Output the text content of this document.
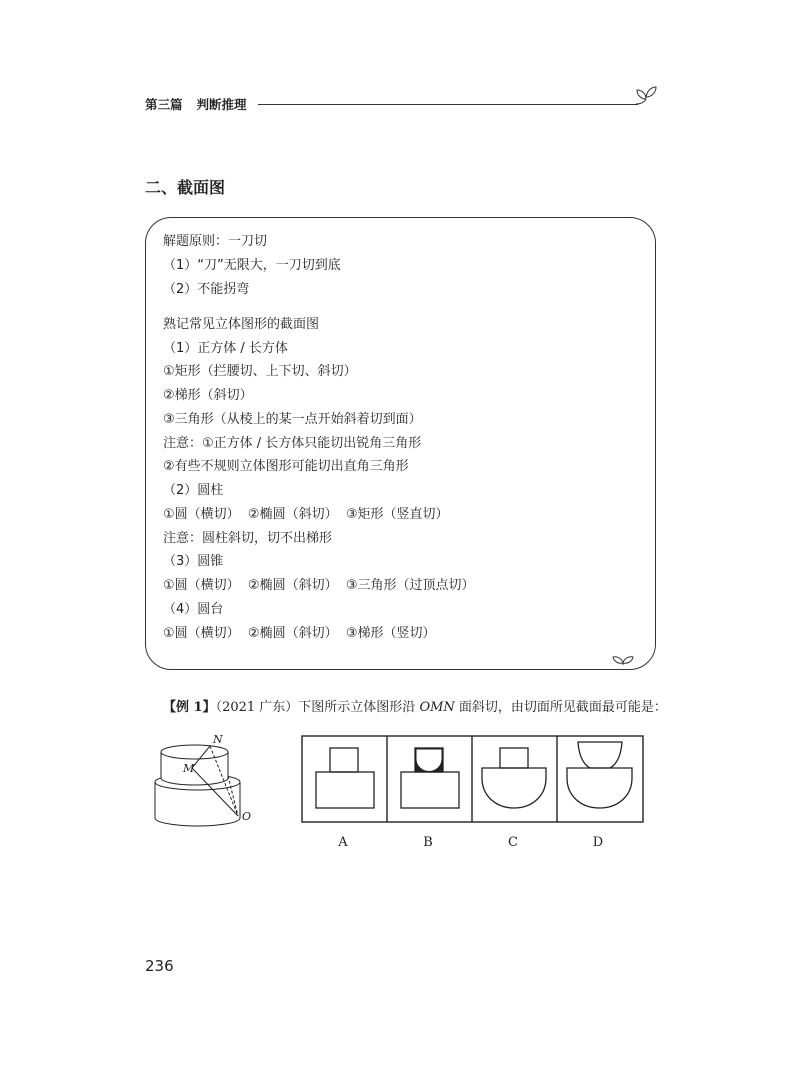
第三篇 判断推理
二、截面图
解题原则：一刀切
（1）“刀”无限大，一刀切到底
（2）不能拐弯
熟记常见立体图形的截面图
（1）正方体 / 长方体
①矩形（拦腰切、上下切、斜切）
②梯形（斜切）
③三角形（从棱上的某一点开始斜着切到面）
注意：①正方体 / 长方体只能切出锐角三角形
②有些不规则立体图形可能切出直角三角形
（2）圆柱
①圆（横切）  ②椭圆（斜切）  ③矩形（竖直切）
注意：圆柱斜切，切不出梯形
（3）圆锥
①圆（横切）  ②椭圆（斜切）  ③三角形（过顶点切）
（4）圆台
①圆（横切）  ②椭圆（斜切）  ③梯形（竖切）
【例 1】（2021 广东）下图所示立体图形沿 OMN 面斜切，由切面所见截面最可能是：
N
M
O
A	B	C	D
236
